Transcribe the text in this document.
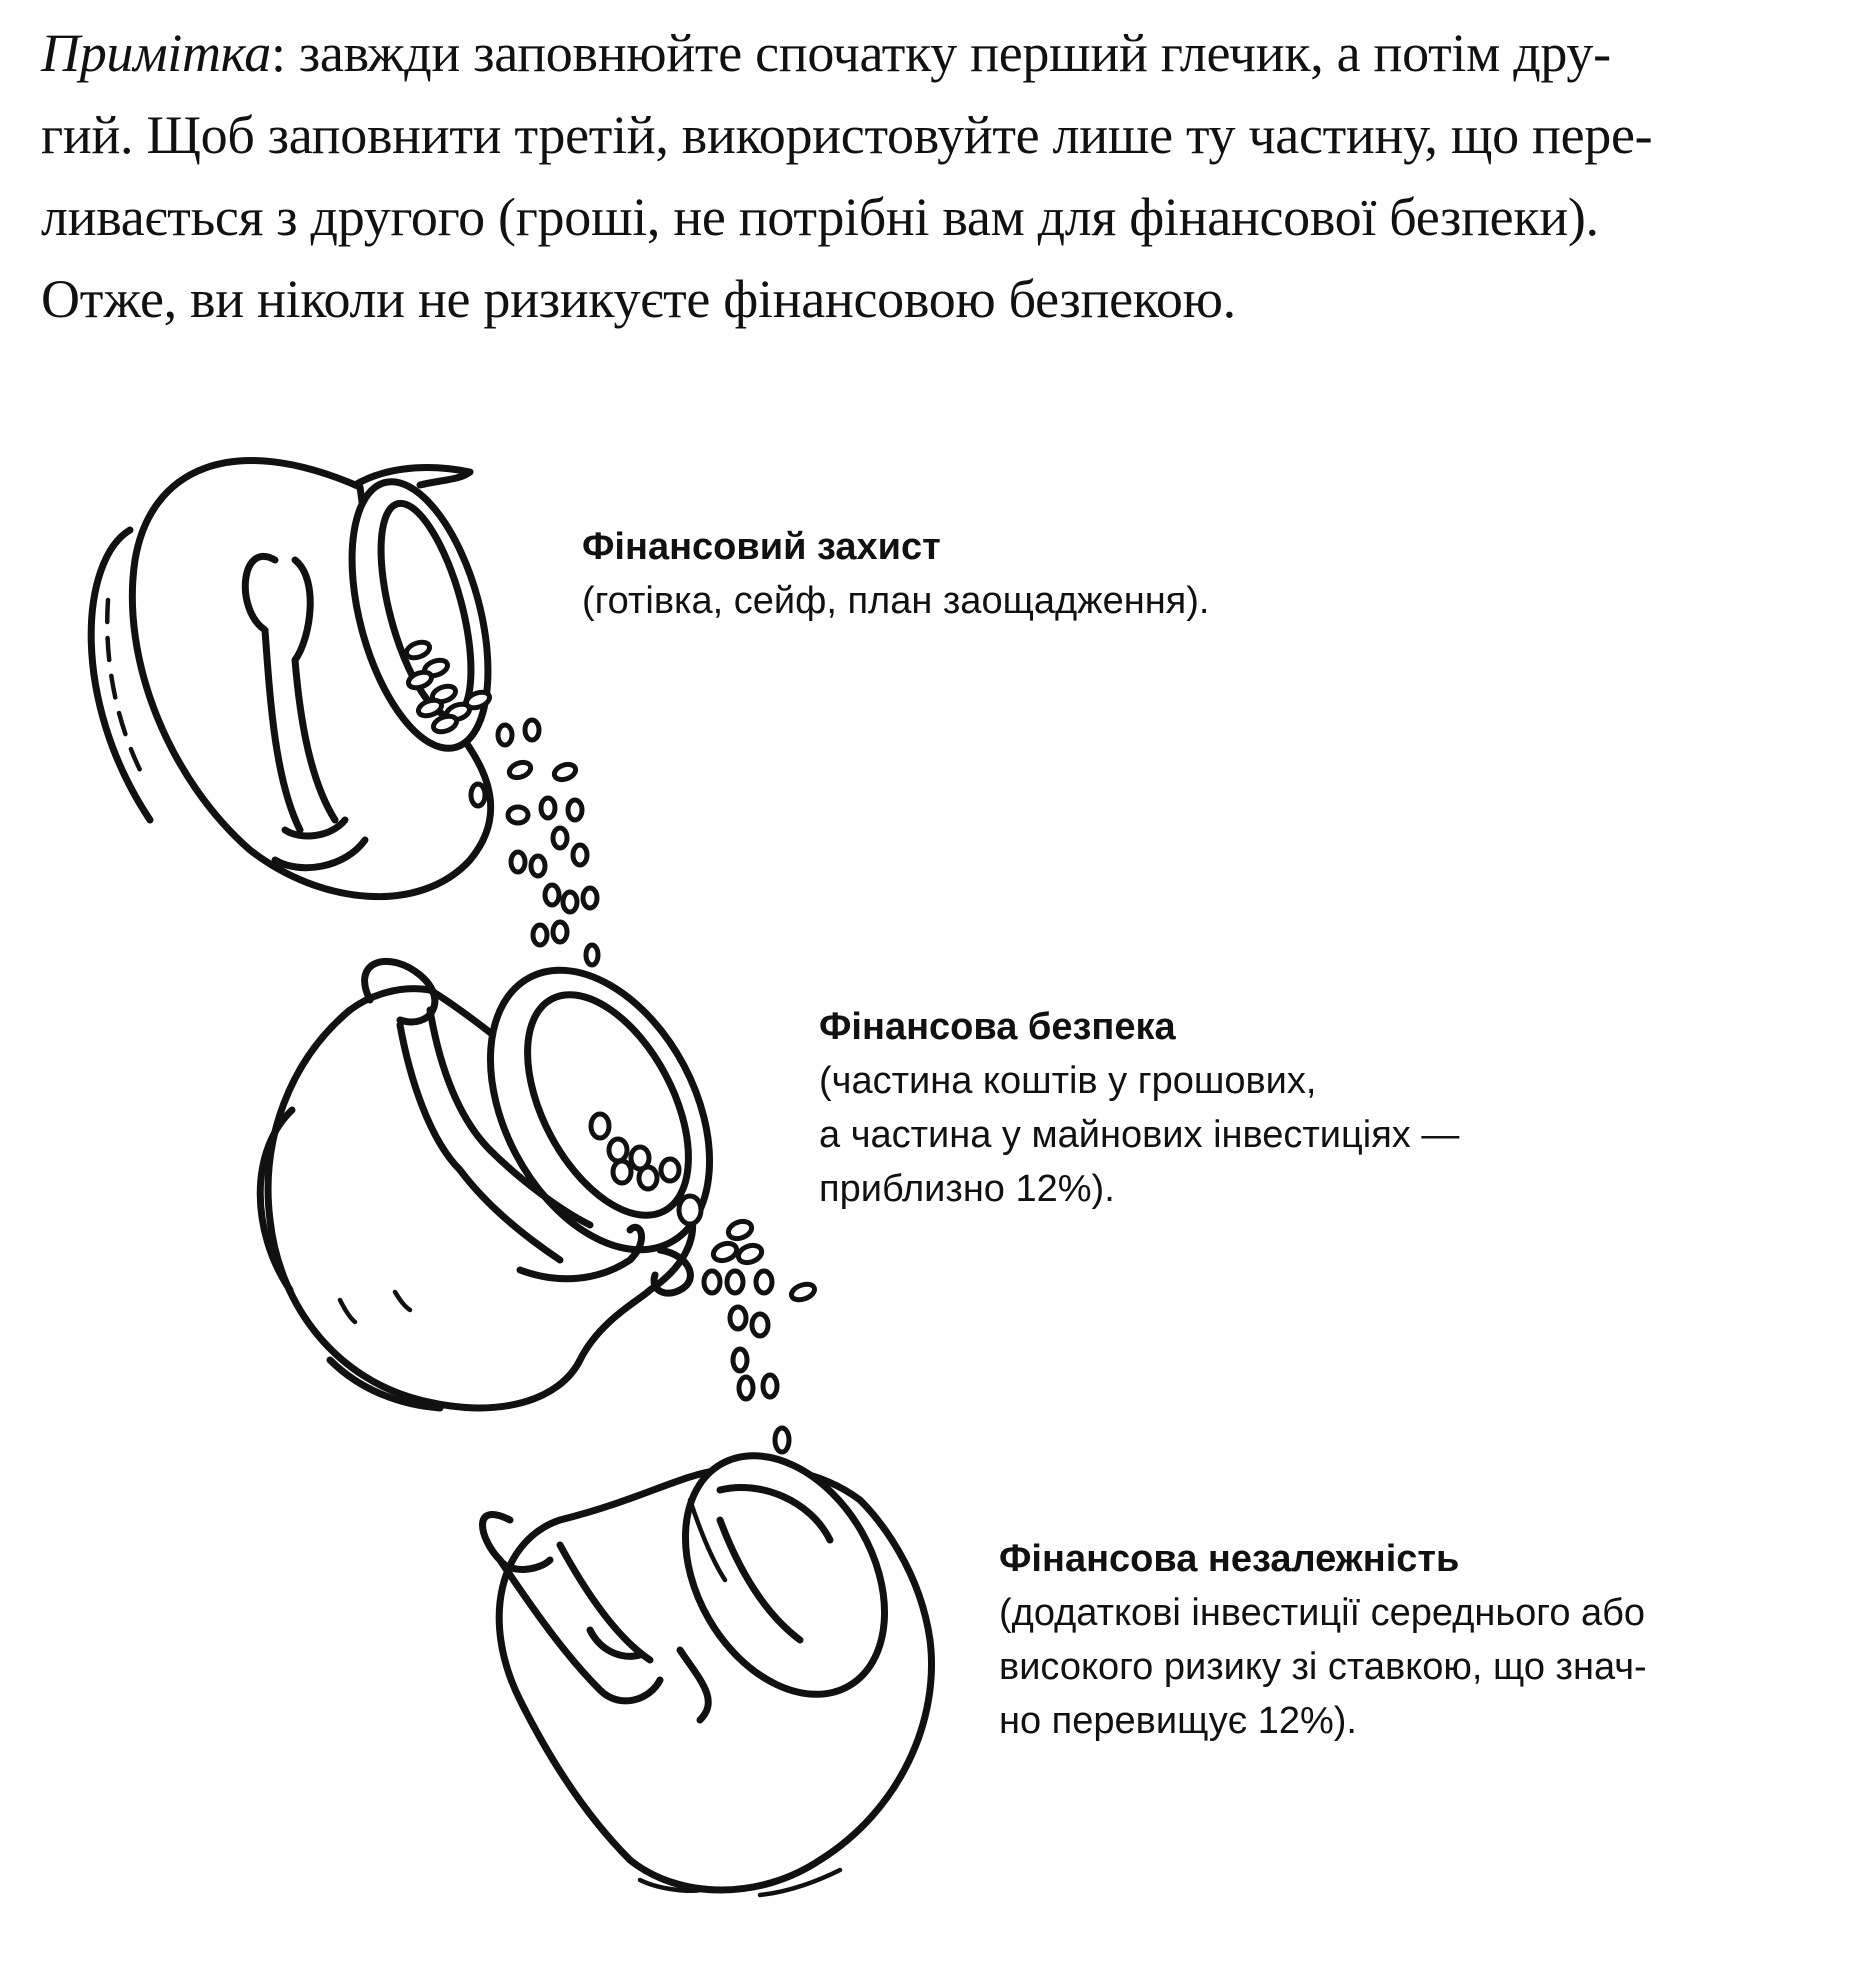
Примітка: завжди заповнюйте спочатку перший глечик, а потім дру-
гий. Щоб заповнити третій, використовуйте лише ту частину, що пере-
ливається з другого (гроші, не потрібні вам для фінансової безпеки).
Отже, ви ніколи не ризикуєте фінансовою безпекою.

Фінансовий захист
(готівка, сейф, план заощадження).
Фінансова безпека
(частина коштів у грошових,
а частина у майнових інвестиціях —
приблизно 12%).
Фінансова незалежність
(додаткові інвестиції середнього або
високого ризику зі ставкою, що знач-
но перевищує 12%).
